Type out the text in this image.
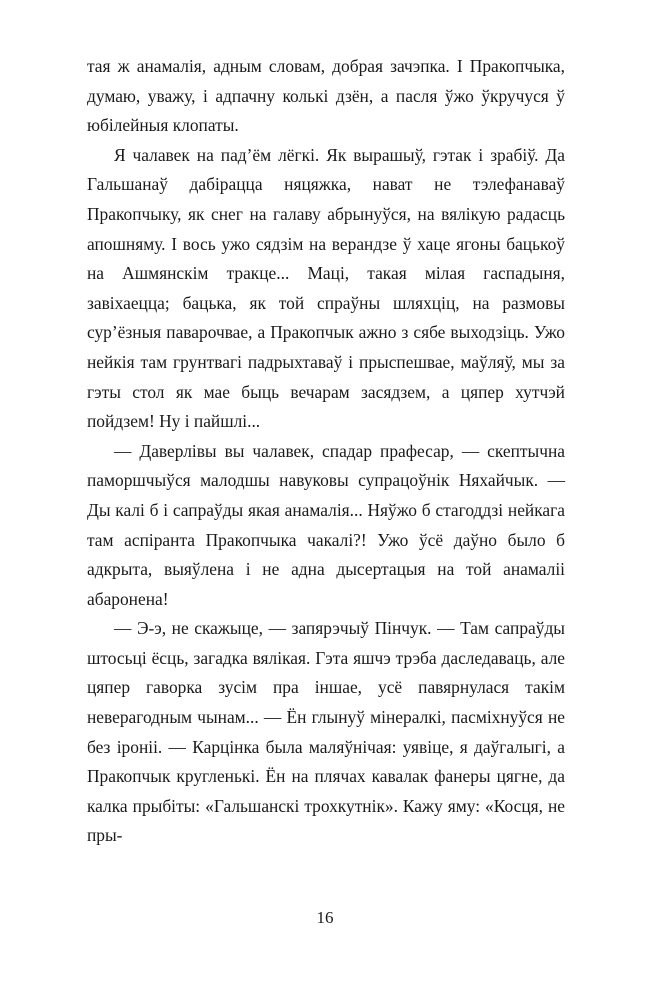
тая ж анамалія, адным словам, добрая зачэпка. І Пракопчыка, думаю, уважу, і адпачну колькі дзён, а пасля ўжо ўкручуся ў юбілейныя клопаты.

Я чалавек на пад’ём лёгкі. Як вырашыў, гэтак і зрабіў. Да Гальшанаў дабірацца няцяжка, нават не тэлефанаваў Пракопчыку, як снег на галаву абрынуўся, на вялікую радасць апошняму. І вось ужо сядзім на верандзе ў хаце ягоны бацькоў на Ашмянскім тракце... Маці, такая мілая гаспадыня, завіхаецца; бацька, як той спраўны шляхціц, на размовы сур’ёзныя паварочвае, а Пракопчык ажно з сябе выходзіць. Ужо нейкія там грунтвагі падрыхтаваў і прыспешвае, маўляў, мы за гэты стол як мае быць вечарам засядзем, а цяпер хутчэй пойдзем! Ну і пайшлі...

— Даверлівы вы чалавек, спадар прафесар, — скептычна паморшчыўся малодшы навуковы супрацоўнік Няхайчык. — Ды калі б і сапраўды якая анамалія... Няўжо б стагоддзі нейкага там аспіранта Пракопчыка чакалі?! Ужо ўсё даўно было б адкрыта, выяўлена і не адна дысертацыя на той анамаліі абаронена!

— Э-э, не скажыце, — запярэчыў Пінчук. — Там сапраўды штосьці ёсць, загадка вялікая. Гэта яшчэ трэба даследаваць, але цяпер гаворка зусім пра іншае, усё павярнулася такім неверагодным чынам... — Ён глынуў мінералкі, пасміхнуўся не без іроніі. — Карцінка была маляўнічая: уявіце, я даўгалыгі, а Пракопчык кругленькі. Ён на плячах кавалак фанеры цягне, да калка прыбіты: «Гальшанскі трохкутнік». Кажу яму: «Косця, не пры-

16
